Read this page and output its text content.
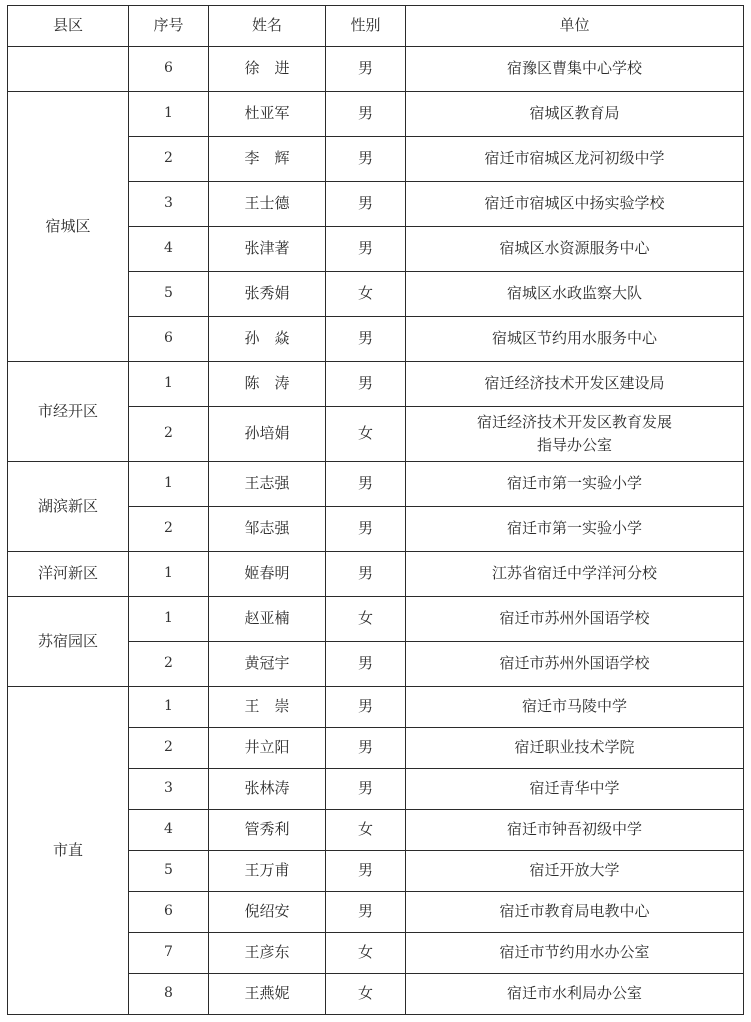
县区	序号	姓名	性别	单位
	6	徐　进	男	宿豫区曹集中心学校
宿城区	1	杜亚军	男	宿城区教育局
	2	李　辉	男	宿迁市宿城区龙河初级中学
	3	王士德	男	宿迁市宿城区中扬实验学校
	4	张津著	男	宿城区水资源服务中心
	5	张秀娟	女	宿城区水政监察大队
	6	孙　焱	男	宿城区节约用水服务中心
市经开区	1	陈　涛	男	宿迁经济技术开发区建设局
	2	孙培娟	女	宿迁经济技术开发区教育发展
指导办公室

湖滨新区	1	王志强	男	宿迁市第一实验小学
	2	邹志强	男	宿迁市第一实验小学
洋河新区	1	姬春明	男	江苏省宿迁中学洋河分校
苏宿园区	1	赵亚楠	女	宿迁市苏州外国语学校
	2	黄冠宇	男	宿迁市苏州外国语学校
市直	1	王　崇	男	宿迁市马陵中学
	2	井立阳	男	宿迁职业技术学院
	3	张林涛	男	宿迁青华中学
	4	管秀利	女	宿迁市钟吾初级中学
	5	王万甫	男	宿迁开放大学
	6	倪绍安	男	宿迁市教育局电教中心
	7	王彦东	女	宿迁市节约用水办公室
	8	王燕妮	女	宿迁市水利局办公室
